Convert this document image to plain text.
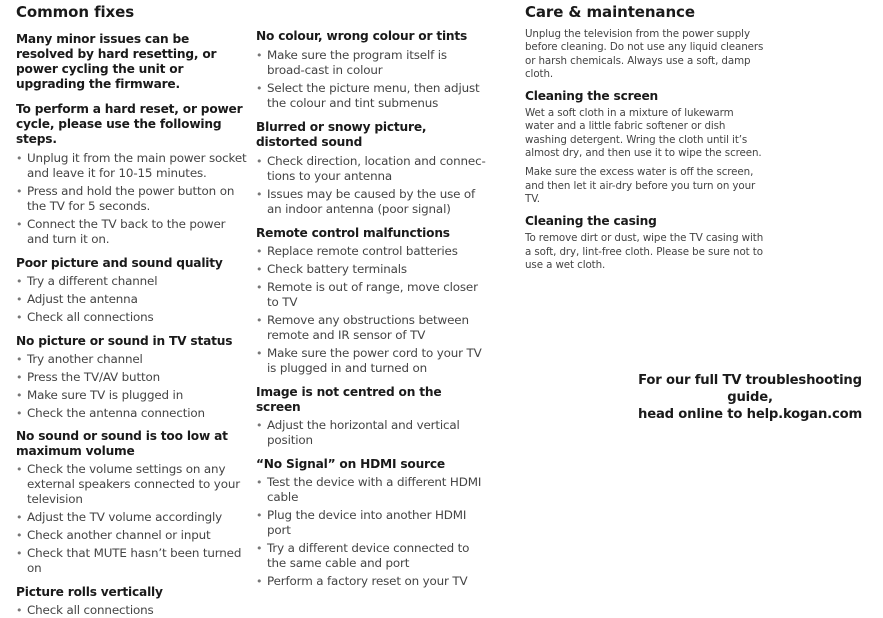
Common fixes
Many minor issues can be resolved by hard resetting, or power cycling the unit or upgrading the firmware.
To perform a hard reset, or power cycle, please use the following steps.
• Unplug it from the main power socket and leave it for 10-15 minutes.
• Press and hold the power button on the TV for 5 seconds.
• Connect the TV back to the power and turn it on.
Poor picture and sound quality
• Try a different channel
• Adjust the antenna
• Check all connections
No picture or sound in TV status
• Try another channel
• Press the TV/AV button
• Make sure TV is plugged in
• Check the antenna connection
No sound or sound is too low at maximum volume
• Check the volume settings on any external speakers connected to your television
• Adjust the TV volume accordingly
• Check another channel or input
• Check that MUTE hasn’t been turned on
Picture rolls vertically
• Check all connections
No colour, wrong colour or tints
• Make sure the program itself is broad-cast in colour
• Select the picture menu, then adjust the colour and tint submenus
Blurred or snowy picture, distorted sound
• Check direction, location and connec-tions to your antenna
• Issues may be caused by the use of an indoor antenna (poor signal)
Remote control malfunctions
• Replace remote control batteries
• Check battery terminals
• Remote is out of range, move closer to TV
• Remove any obstructions between remote and IR sensor of TV
• Make sure the power cord to your TV is plugged in and turned on
Image is not centred on the screen
• Adjust the horizontal and vertical position
“No Signal” on HDMI source
• Test the device with a different HDMI cable
• Plug the device into another HDMI port
• Try a different device connected to the same cable and port
• Perform a factory reset on your TV
Care & maintenance
Unplug the television from the power supply before cleaning. Do not use any liquid cleaners or harsh chemicals. Always use a soft, damp cloth.
Cleaning the screen
Wet a soft cloth in a mixture of lukewarm water and a little fabric softener or dish washing detergent. Wring the cloth until it’s almost dry, and then use it to wipe the screen.
Make sure the excess water is off the screen, and then let it air-dry before you turn on your TV.
Cleaning the casing
To remove dirt or dust, wipe the TV casing with a soft, dry, lint-free cloth. Please be sure not to use a wet cloth.
For our full TV troubleshooting guide,
head online to help.kogan.com
